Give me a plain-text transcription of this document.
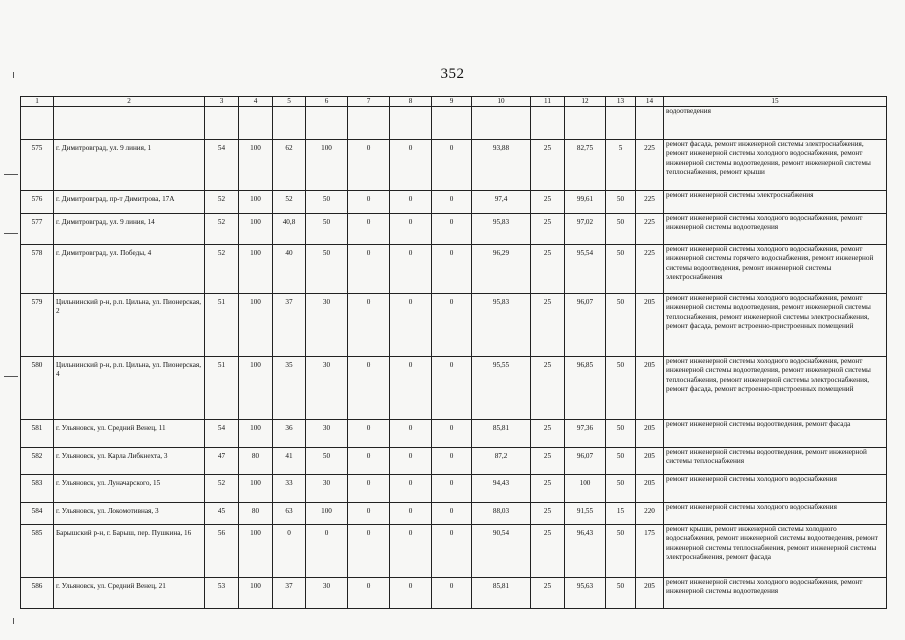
352
1	2	3	4	5	6	7	8	9	10	11	12	13	14	15
														водоотведения

575	г. Димитровград, ул. 9 линия, 1	54	100	62	100	0	0	0	93,88	25	82,75	5	225	ремонт фасада, ремонт инженерной системы электроснабжения, ремонт инженерной системы холодного водоснабжения, ремонт инженерной системы водоотведения, ремонт инженерной системы теплоснабжения, ремонт крыши

576	г. Димитровград, пр-т Димитрова, 17А	52	100	52	50	0	0	0	97,4	25	99,61	50	225	ремонт инженерной системы электроснабжения

577	г. Димитровград, ул. 9 линия, 14	52	100	40,8	50	0	0	0	95,83	25	97,02	50	225	ремонт инженерной системы холодного водоснабжения, ремонт инженерной системы водоотведения

578	г. Димитровград, ул. Победы, 4	52	100	40	50	0	0	0	96,29	25	95,54	50	225	ремонт инженерной системы холодного водоснабжения, ремонт инженерной системы горячего водоснабжения, ремонт инженерной системы водоотведения, ремонт инженерной системы электроснабжения

579	Цильнинский р-н, р.п. Цильна, ул. Пионерская, 2	51	100	37	30	0	0	0	95,83	25	96,07	50	205	ремонт инженерной системы холодного водоснабжения, ремонт инженерной системы водоотведения, ремонт инженерной системы теплоснабжения, ремонт инженерной системы электроснабжения, ремонт фасада, ремонт встроенно-пристроенных помещений

580	Цильнинский р-н, р.п. Цильна, ул. Пионерская, 4	51	100	35	30	0	0	0	95,55	25	96,85	50	205	ремонт инженерной системы холодного водоснабжения, ремонт инженерной системы водоотведения, ремонт инженерной системы теплоснабжения, ремонт инженерной системы электроснабжения, ремонт фасада, ремонт встроенно-пристроенных помещений

581	г. Ульяновск, ул. Средний Венец, 11	54	100	36	30	0	0	0	85,81	25	97,36	50	205	ремонт инженерной системы водоотведения, ремонт фасада

582	г. Ульяновск, ул. Карла Либкнехта, 3	47	80	41	50	0	0	0	87,2	25	96,07	50	205	ремонт инженерной системы водоотведения, ремонт инженерной системы теплоснабжения

583	г. Ульяновск, ул. Луначарского, 15	52	100	33	30	0	0	0	94,43	25	100	50	205	ремонт инженерной системы холодного водоснабжения

584	г. Ульяновск, ул. Локомотивная, 3	45	80	63	100	0	0	0	88,03	25	91,55	15	220	ремонт инженерной системы холодного водоснабжения

585	Барышский р-н, г. Барыш, пер. Пушкина, 16	56	100	0	0	0	0	0	90,54	25	96,43	50	175	ремонт крыши, ремонт инженерной системы холодного водоснабжения, ремонт инженерной системы водоотведения, ремонт инженерной системы теплоснабжения, ремонт инженерной системы электроснабжения, ремонт фасада

586	г. Ульяновск, ул. Средний Венец, 21	53	100	37	30	0	0	0	85,81	25	95,63	50	205	ремонт инженерной системы холодного водоснабжения, ремонт инженерной системы водоотведения
